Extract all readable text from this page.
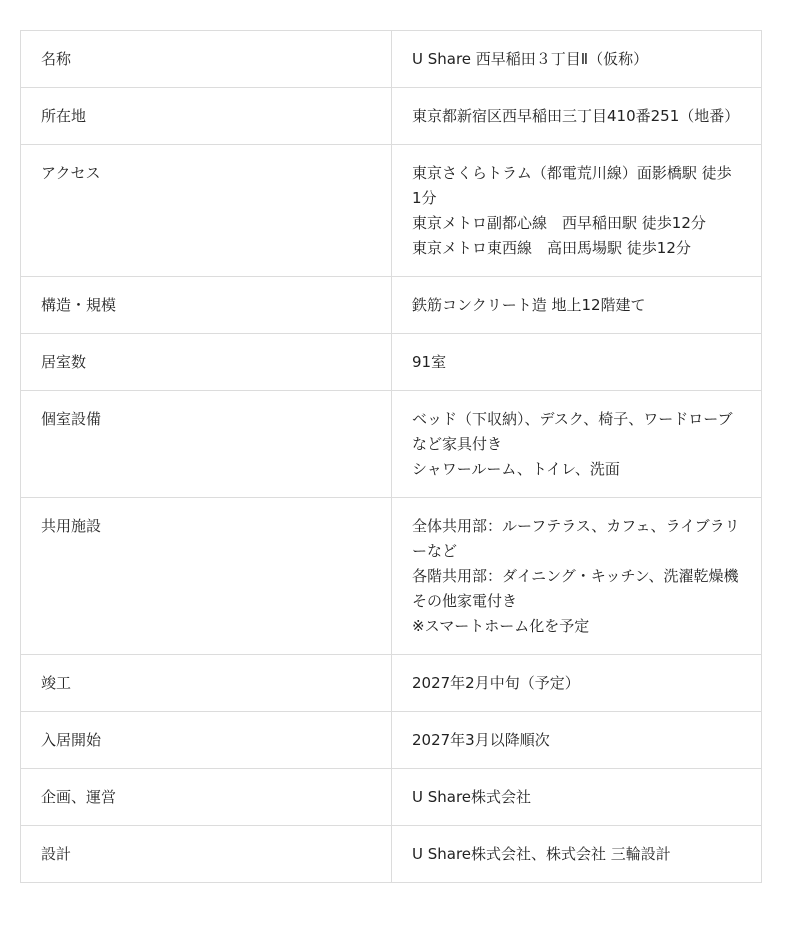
名称	U Share 西早稲田３丁目Ⅱ（仮称）

所在地	東京都新宿区西早稲田三丁目410番251（地番）

アクセス	東京さくらトラム（都電荒川線）面影橋駅 徒歩1分
東京メトロ副都心線　西早稲田駅 徒歩12分
東京メトロ東西線　高田馬場駅 徒歩12分

構造・規模	鉄筋コンクリート造 地上12階建て

居室数	91室

個室設備	ベッド（下収納）、デスク、椅子、ワードローブなど家具付き
シャワールーム、トイレ、洗面

共用施設	全体共用部：ルーフテラス、カフェ、ライブラリーなど
各階共用部：ダイニング・キッチン、洗濯乾燥機
その他家電付き
※スマートホーム化を予定

竣工	2027年2月中旬（予定）

入居開始	2027年3月以降順次

企画、運営	U Share株式会社

設計	U Share株式会社、株式会社 三輪設計
